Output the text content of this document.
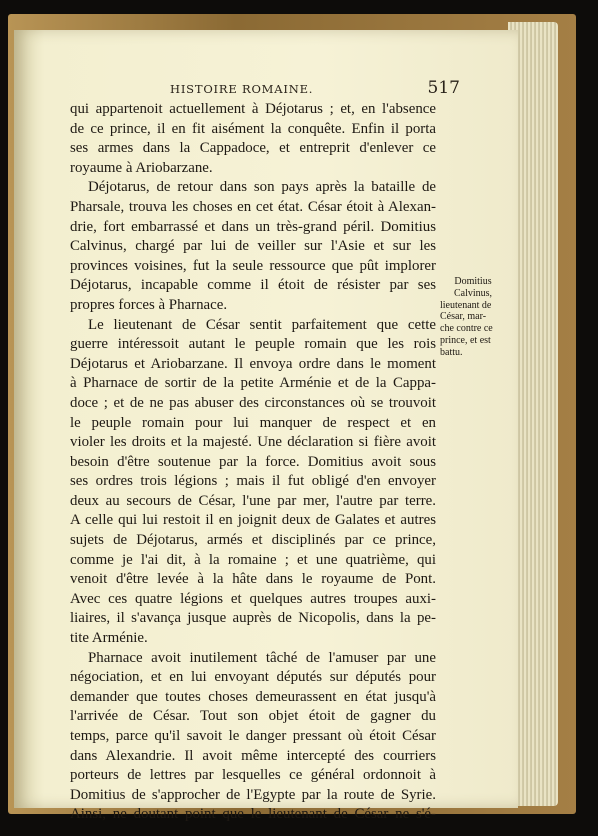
HISTOIRE ROMAINE.	517
qui appartenoit actuellement à Déjotarus ; et, en l'absence
de ce prince, il en fit aisément la conquête. Enfin il porta
ses armes dans la Cappadoce, et entreprit d'enlever ce
royaume à Ariobarzane.
Déjotarus, de retour dans son pays après la bataille de
Pharsale, trouva les choses en cet état. César étoit à Alexan-
drie, fort embarrassé et dans un très-grand péril. Domitius
Calvinus, chargé par lui de veiller sur l'Asie et sur les
provinces voisines, fut la seule ressource que pût implorer
Déjotarus, incapable comme il étoit de résister par ses
propres forces à Pharnace.
Le lieutenant de César sentit parfaitement que cette
guerre intéressoit autant le peuple romain que les rois
Déjotarus et Ariobarzane. Il envoya ordre dans le moment
à Pharnace de sortir de la petite Arménie et de la Cappa-
doce ; et de ne pas abuser des circonstances où se trouvoit
le peuple romain pour lui manquer de respect et en
violer les droits et la majesté. Une déclaration si fière avoit
besoin d'être soutenue par la force. Domitius avoit sous
ses ordres trois légions ; mais il fut obligé d'en envoyer
deux au secours de César, l'une par mer, l'autre par terre.
A celle qui lui restoit il en joignit deux de Galates et autres
sujets de Déjotarus, armés et disciplinés par ce prince,
comme je l'ai dit, à la romaine ; et une quatrième, qui
venoit d'être levée à la hâte dans le royaume de Pont.
Avec ces quatre légions et quelques autres troupes auxi-
liaires, il s'avança jusque auprès de Nicopolis, dans la pe-
tite Arménie.
Pharnace avoit inutilement tâché de l'amuser par une
négociation, et en lui envoyant députés sur députés pour
demander que toutes choses demeurassent en état jusqu'à
l'arrivée de César. Tout son objet étoit de gagner du
temps, parce qu'il savoit le danger pressant où étoit César
dans Alexandrie. Il avoit même intercepté des courriers
porteurs de lettres par lesquelles ce général ordonnoit à
Domitius de s'approcher de l'Egypte par la route de Syrie.
Ainsi, ne doutant point que le lieutenant de César ne s'é-
Domitius
Calvinus,
lieutenant de
César, mar-
che contre ce
prince, et est
battu.
